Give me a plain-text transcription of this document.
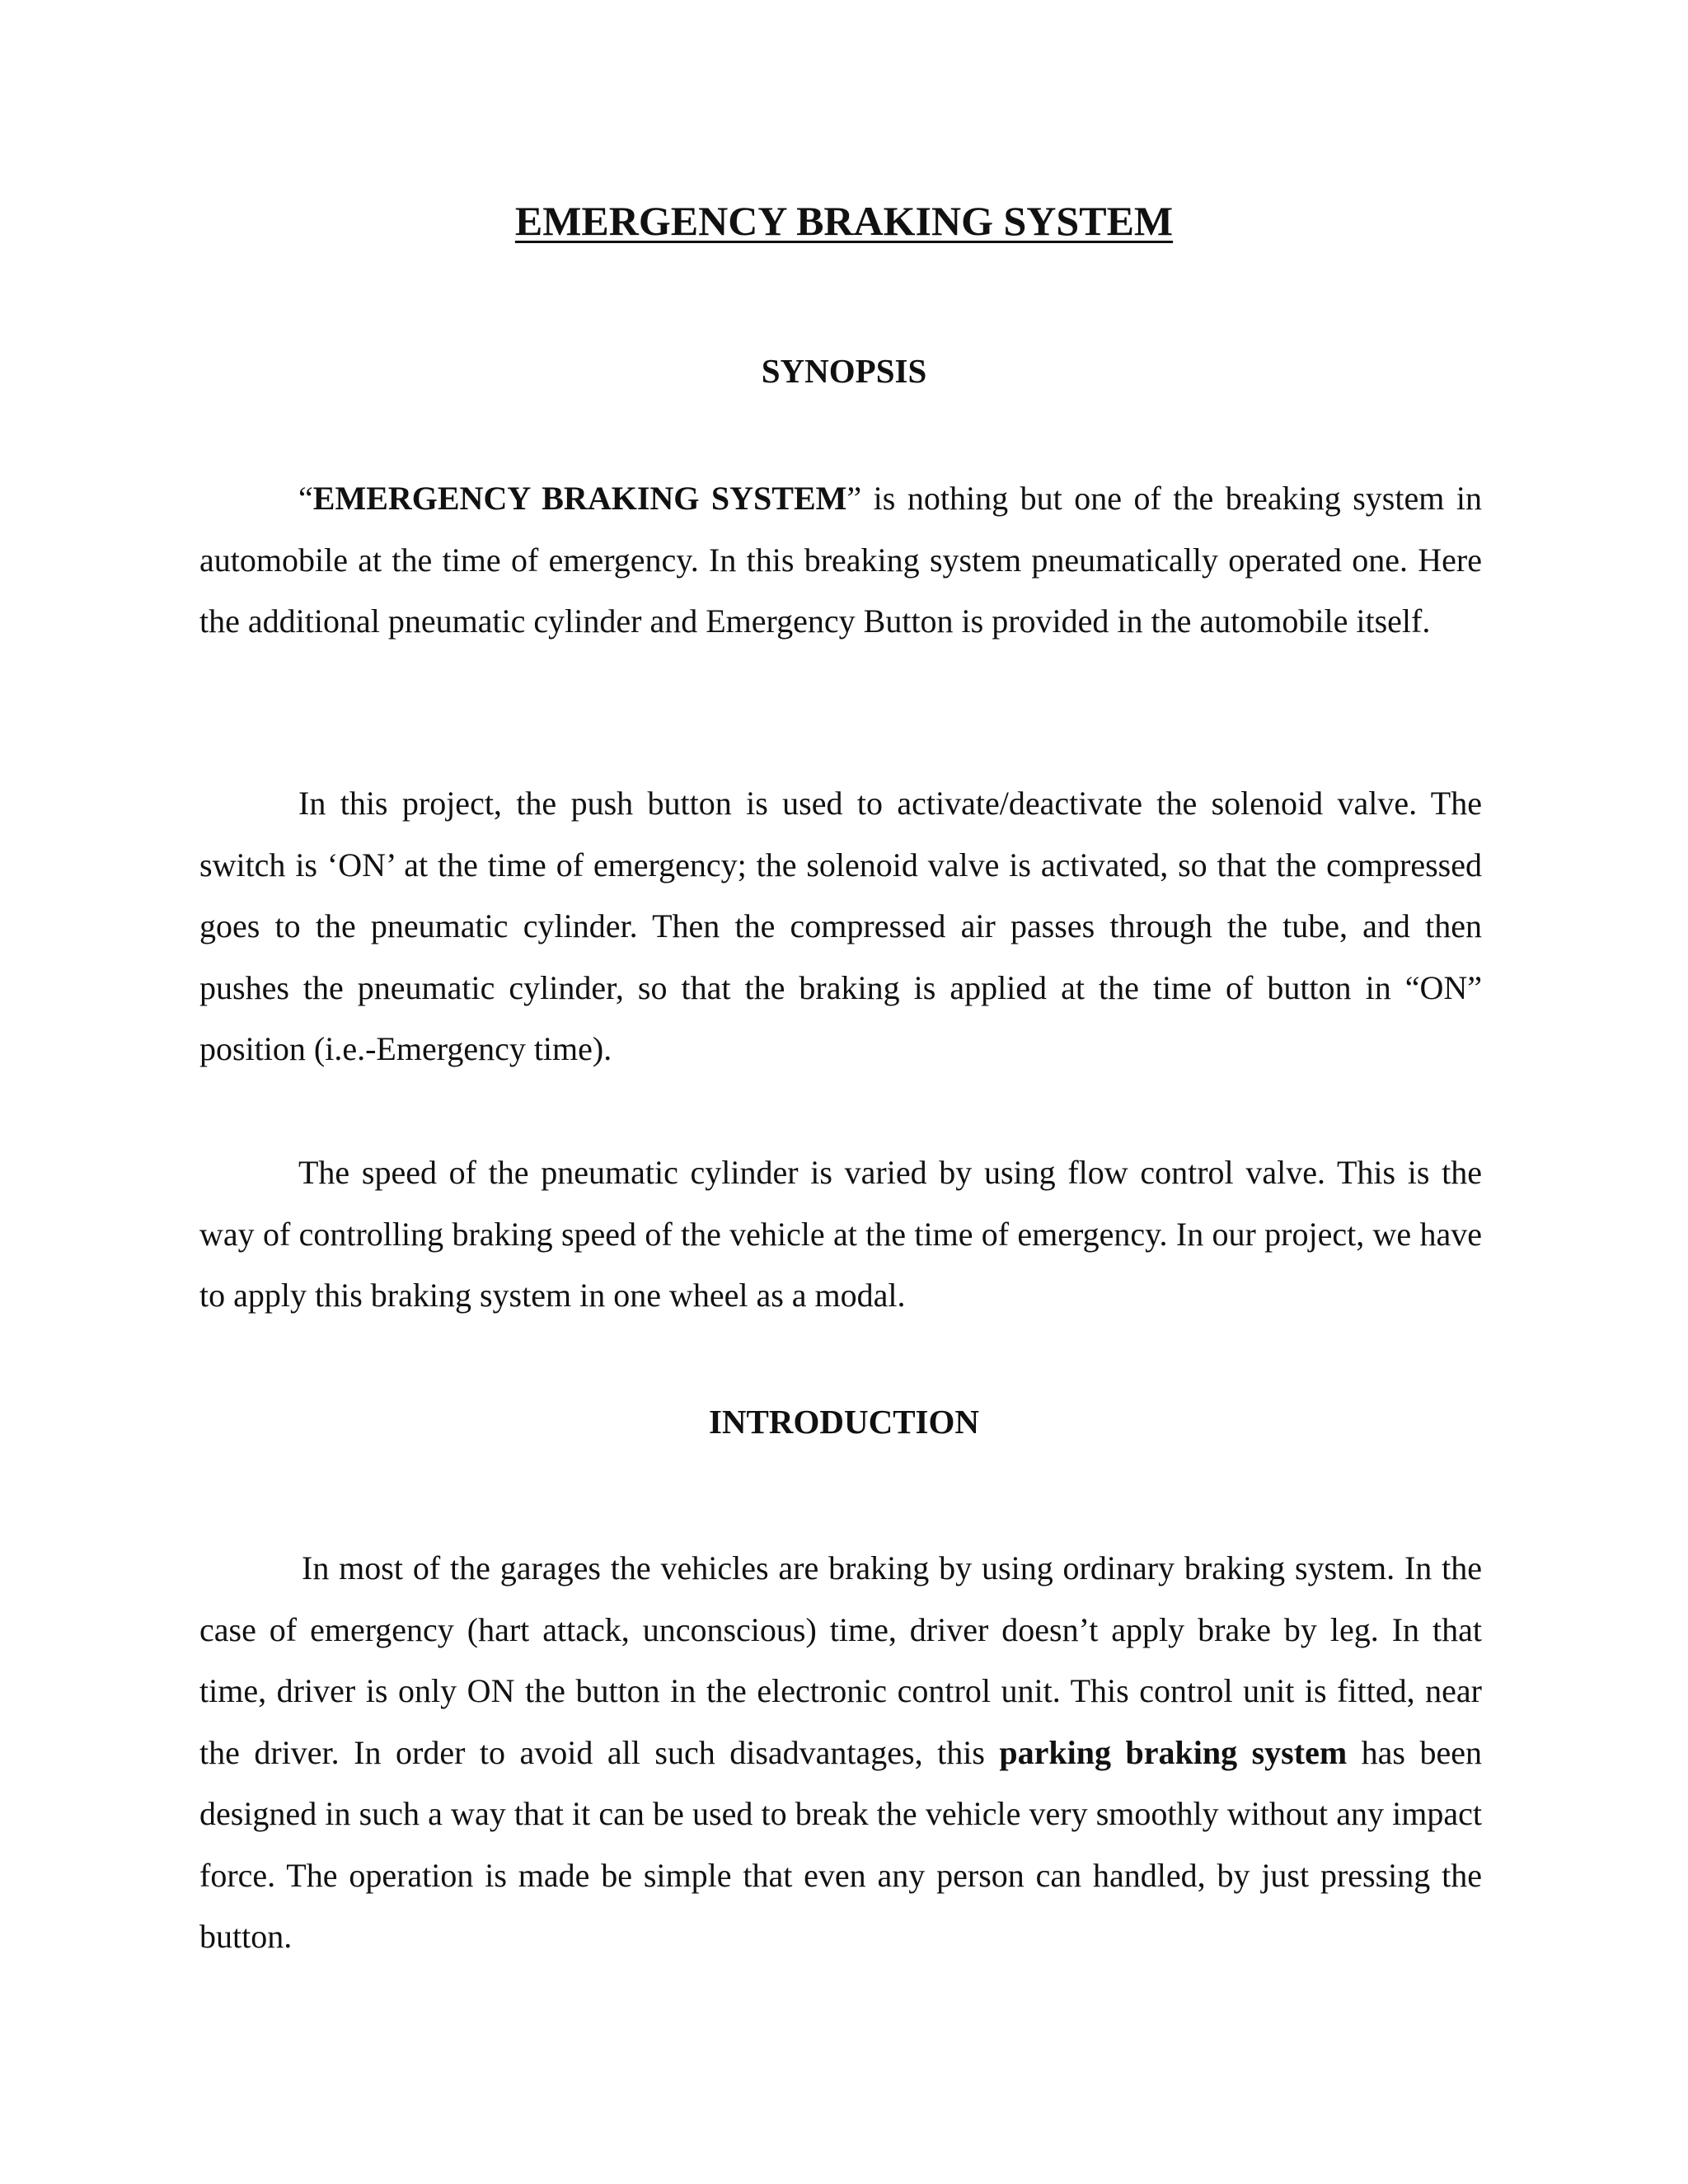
EMERGENCY BRAKING SYSTEM
SYNOPSIS

“EMERGENCY BRAKING SYSTEM” is nothing but one of the breaking system in automobile at the time of emergency. In this breaking system pneumatically operated one. Here the additional pneumatic cylinder and Emergency Button is provided in the automobile itself.

In this project, the push button is used to activate/deactivate the solenoid valve. The switch is ‘ON’ at the time of emergency; the solenoid valve is activated, so that the compressed goes to the pneumatic cylinder. Then the compressed air passes through the tube, and then pushes the pneumatic cylinder, so that the braking is applied at the time of button in “ON” position (i.e.-Emergency time).

The speed of the pneumatic cylinder is varied by using flow control valve. This is the way of controlling braking speed of the vehicle at the time of emergency. In our project, we have to apply this braking system in one wheel as a modal.

INTRODUCTION

In most of the garages the vehicles are braking by using ordinary braking system. In the case of emergency (hart attack, unconscious) time, driver doesn’t apply brake by leg. In that time, driver is only ON the button in the electronic control unit. This control unit is fitted, near the driver. In order to avoid all such disadvantages, this parking braking system has been designed in such a way that it can be used to break the vehicle very smoothly without any impact force. The operation is made be simple that even any person can handled, by just pressing the button.
